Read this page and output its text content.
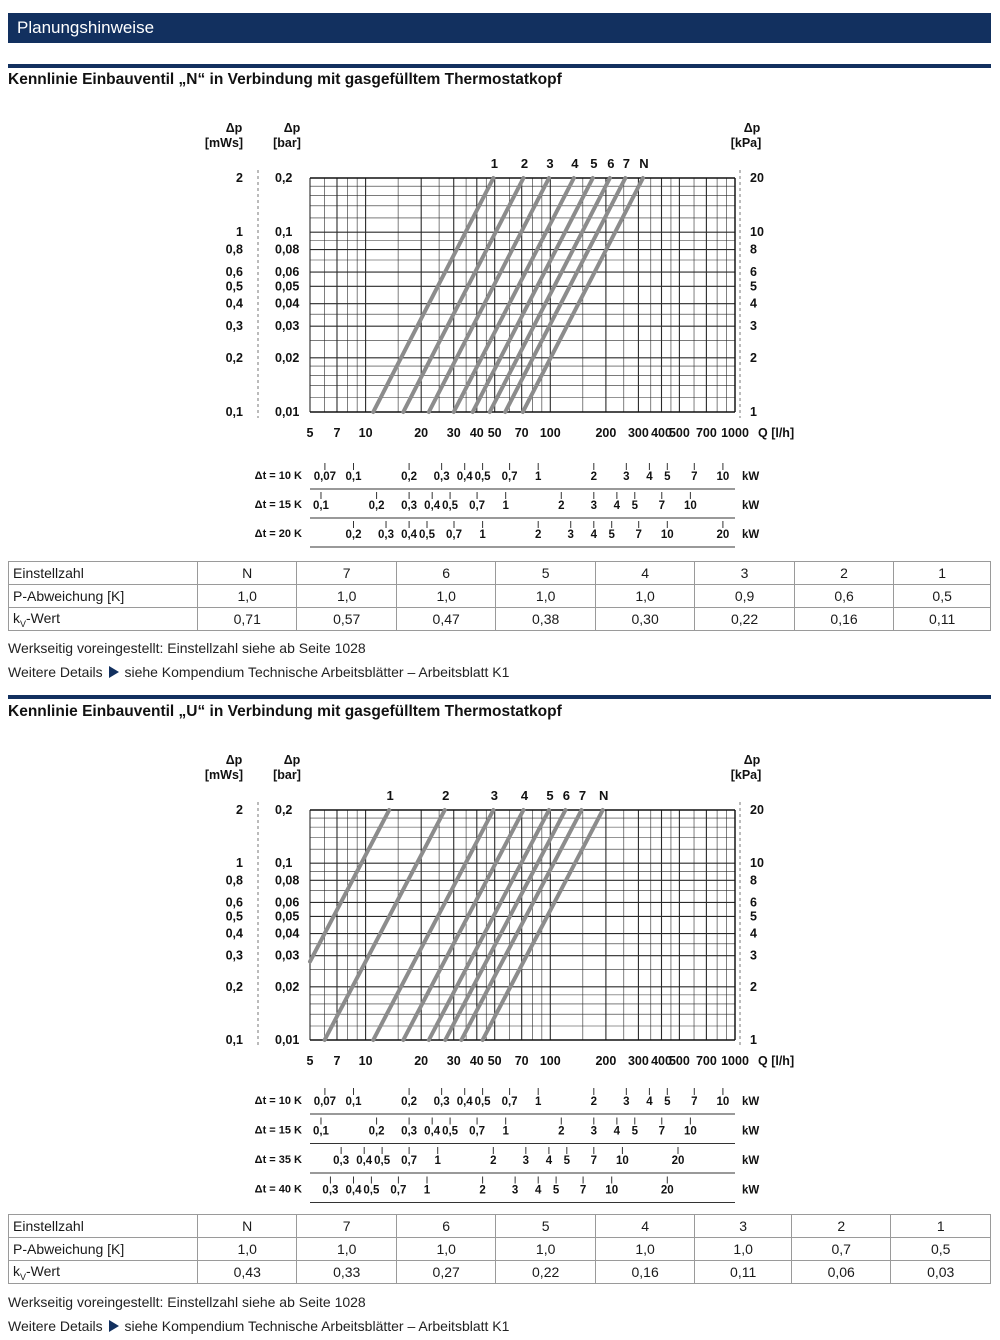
Planungshinweise
Kennlinie Einbauventil „N“ in Verbindung mit gasgefülltem Thermostatkopf
1 2 3 4 5 6 7 N
Δp
[mWs]
Δp
[bar]
Δp
[kPa]
2	0,2	20
1	0,1	10
0,8	0,08	8
0,6	0,06	6
0,5	0,05	5
0,4	0,04	4
0,3	0,03	3
0,2	0,02	2
0,1	0,01	1
5 7 10	20 30 40 50 70 100	200 300 400
500 700 1000 Q [l/h]
Δt = 10 K 0,07 0,1	0,2 0,3 0,4 0,5 0,7 1	2 3 4 5 7 10 kW
Δt = 15 K 0,1	0,2 0,3 0,4 0,5 0,7 1	2 3 4 5 7 10	kW
Δt = 20 K	0,2 0,3 0,4 0,5 0,7 1	2 3 4 5 7 10	20 kW
Einstellzahl	N	7	6	5	4	3	2	1
P-Abweichung [K]	1,0	1,0	1,0	1,0	1,0	0,9	0,6	0,5
$k_V$-Wert	0,71	0,57	0,47	0,38	0,30	0,22	0,16	0,11
Werkseitig voreingestellt: Einstellzahl siehe ab Seite 1028
Weitere Details siehe Kompendium Technische Arbeitsblätter – Arbeitsblatt K1
Kennlinie Einbauventil „U“ in Verbindung mit gasgefülltem Thermostatkopf
1	2	3 4 5 6 7 N
Δp
[mWs]
Δp
[bar]
Δp
[kPa]
2	0,2	20
1	0,1	10
0,8	0,08	8
0,6	0,06	6
0,5	0,05	5
0,4	0,04	4
0,3	0,03	3
0,2	0,02	2
0,1	0,01	1
5 7 10	20 30 40 50 70 100	200 300 400
500 700 1000 Q [l/h]
Δt = 10 K 0,07 0,1	0,2 0,3 0,4 0,5 0,7 1	2 3 4 5 7 10 kW
Δt = 15 K 0,1	0,2 0,3 0,4 0,5 0,7 1	2 3 4 5 7 10	kW
Δt = 35 K	0,3 0,4 0,5 0,7 1	2 3 4 5 7 10	20	kW
Δt = 40 K 0,3 0,4 0,5 0,7 1	2 3 4 5 7 10	20	kW
Einstellzahl	N	7	6	5	4	3	2	1
P-Abweichung [K]	1,0	1,0	1,0	1,0	1,0	1,0	0,7	0,5
$k_V$-Wert	0,43	0,33	0,27	0,22	0,16	0,11	0,06	0,03
Werkseitig voreingestellt: Einstellzahl siehe ab Seite 1028
Weitere Details siehe Kompendium Technische Arbeitsblätter – Arbeitsblatt K1
